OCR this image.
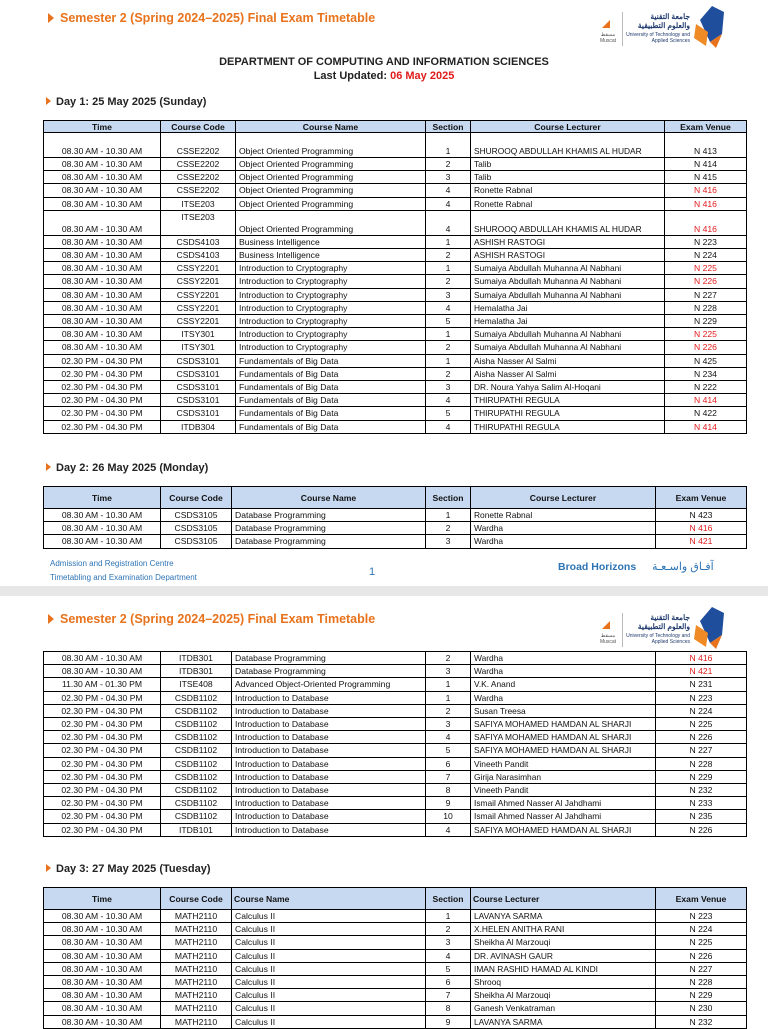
Semester 2 (Spring 2024–2025) Final Exam Timetable
مسقط Muscat
جامعة التقنية والعلوم التطبيقية
University of Technology and Applied Sciences
DEPARTMENT OF COMPUTING AND INFORMATION SCIENCES
Last Updated: 06 May 2025
Day 1: 25 May 2025 (Sunday)
Time	Course Code	Course Name	Section	Course Lecturer	Exam Venue
08.30 AM - 10.30 AM	CSSE2202	Object Oriented Programming	1	SHUROOQ ABDULLAH KHAMIS AL HUDAR	N 413
08.30 AM - 10.30 AM	CSSE2202	Object Oriented Programming	2	Talib	N 414
08.30 AM - 10.30 AM	CSSE2202	Object Oriented Programming	3	Talib	N 415
08.30 AM - 10.30 AM	CSSE2202	Object Oriented Programming	4	Ronette Rabnal	N 416
08.30 AM - 10.30 AM	ITSE203	Object Oriented Programming	4	Ronette Rabnal	N 416
08.30 AM - 10.30 AM	ITSE203	Object Oriented Programming	4	SHUROOQ ABDULLAH KHAMIS AL HUDAR	N 416
08.30 AM - 10.30 AM	CSDS4103	Business Intelligence	1	ASHISH RASTOGI	N 223
08.30 AM - 10.30 AM	CSDS4103	Business Intelligence	2	ASHISH RASTOGI	N 224
08.30 AM - 10.30 AM	CSSY2201	Introduction to Cryptography	1	Sumaiya Abdullah Muhanna Al Nabhani	N 225
08.30 AM - 10.30 AM	CSSY2201	Introduction to Cryptography	2	Sumaiya Abdullah Muhanna Al Nabhani	N 226
08.30 AM - 10.30 AM	CSSY2201	Introduction to Cryptography	3	Sumaiya Abdullah Muhanna Al Nabhani	N 227
08.30 AM - 10.30 AM	CSSY2201	Introduction to Cryptography	4	Hemalatha Jai	N 228
08.30 AM - 10.30 AM	CSSY2201	Introduction to Cryptography	5	Hemalatha Jai	N 229
08.30 AM - 10.30 AM	ITSY301	Introduction to Cryptography	1	Sumaiya Abdullah Muhanna Al Nabhani	N 225
08.30 AM - 10.30 AM	ITSY301	Introduction to Cryptography	2	Sumaiya Abdullah Muhanna Al Nabhani	N 226
02.30 PM - 04.30 PM	CSDS3101	Fundamentals of Big Data	1	Aisha Nasser Al Salmi	N 425
02.30 PM - 04.30 PM	CSDS3101	Fundamentals of Big Data	2	Aisha Nasser Al Salmi	N 234
02.30 PM - 04.30 PM	CSDS3101	Fundamentals of Big Data	3	DR. Noura Yahya Salim Al-Hoqani	N 222
02.30 PM - 04.30 PM	CSDS3101	Fundamentals of Big Data	4	THIRUPATHI REGULA	N 414
02.30 PM - 04.30 PM	CSDS3101	Fundamentals of Big Data	5	THIRUPATHI REGULA	N 422
02.30 PM - 04.30 PM	ITDB304	Fundamentals of Big Data	4	THIRUPATHI REGULA	N 414
Day 2: 26 May 2025 (Monday)
Time	Course Code	Course Name	Section	Course Lecturer	Exam Venue
08.30 AM - 10.30 AM	CSDS3105	Database Programming	1	Ronette Rabnal	N 423
08.30 AM - 10.30 AM	CSDS3105	Database Programming	2	Wardha	N 416
08.30 AM - 10.30 AM	CSDS3105	Database Programming	3	Wardha	N 421
Admission and Registration Centre
Timetabling and Examination Department	1	Broad Horizons آفـاق واسـعـة
Semester 2 (Spring 2024–2025) Final Exam Timetable
مسقط Muscat
جامعة التقنية والعلوم التطبيقية
University of Technology and Applied Sciences
08.30 AM - 10.30 AM	ITDB301	Database Programming	2	Wardha	N 416
08.30 AM - 10.30 AM	ITDB301	Database Programming	3	Wardha	N 421
11.30 AM - 01.30 PM	ITSE408	Advanced Object-Oriented Programming	1	V.K. Anand	N 231
02.30 PM - 04.30 PM	CSDB1102	Introduction to Database	1	Wardha	N 223
02.30 PM - 04.30 PM	CSDB1102	Introduction to Database	2	Susan Treesa	N 224
02.30 PM - 04.30 PM	CSDB1102	Introduction to Database	3	SAFIYA MOHAMED HAMDAN AL SHARJI	N 225
02.30 PM - 04.30 PM	CSDB1102	Introduction to Database	4	SAFIYA MOHAMED HAMDAN AL SHARJI	N 226
02.30 PM - 04.30 PM	CSDB1102	Introduction to Database	5	SAFIYA MOHAMED HAMDAN AL SHARJI	N 227
02.30 PM - 04.30 PM	CSDB1102	Introduction to Database	6	Vineeth Pandit	N 228
02.30 PM - 04.30 PM	CSDB1102	Introduction to Database	7	Girija Narasimhan	N 229
02.30 PM - 04.30 PM	CSDB1102	Introduction to Database	8	Vineeth Pandit	N 232
02.30 PM - 04.30 PM	CSDB1102	Introduction to Database	9	Ismail Ahmed Nasser Al Jahdhami	N 233
02.30 PM - 04.30 PM	CSDB1102	Introduction to Database	10	Ismail Ahmed Nasser Al Jahdhami	N 235
02.30 PM - 04.30 PM	ITDB101	Introduction to Database	4	SAFIYA MOHAMED HAMDAN AL SHARJI	N 226
Day 3: 27 May 2025 (Tuesday)
Time	Course Code	Course Name	Section	Course Lecturer	Exam Venue
08.30 AM - 10.30 AM	MATH2110	Calculus II	1	LAVANYA SARMA	N 223
08.30 AM - 10.30 AM	MATH2110	Calculus II	2	X.HELEN ANITHA RANI	N 224
08.30 AM - 10.30 AM	MATH2110	Calculus II	3	Sheikha Al Marzouqi	N 225
08.30 AM - 10.30 AM	MATH2110	Calculus II	4	DR. AVINASH GAUR	N 226
08.30 AM - 10.30 AM	MATH2110	Calculus II	5	IMAN RASHID HAMAD AL KINDI	N 227
08.30 AM - 10.30 AM	MATH2110	Calculus II	6	Shrooq	N 228
08.30 AM - 10.30 AM	MATH2110	Calculus II	7	Sheikha Al Marzouqi	N 229
08.30 AM - 10.30 AM	MATH2110	Calculus II	8	Ganesh Venkatraman	N 230
08.30 AM - 10.30 AM	MATH2110	Calculus II	9	LAVANYA SARMA	N 232
